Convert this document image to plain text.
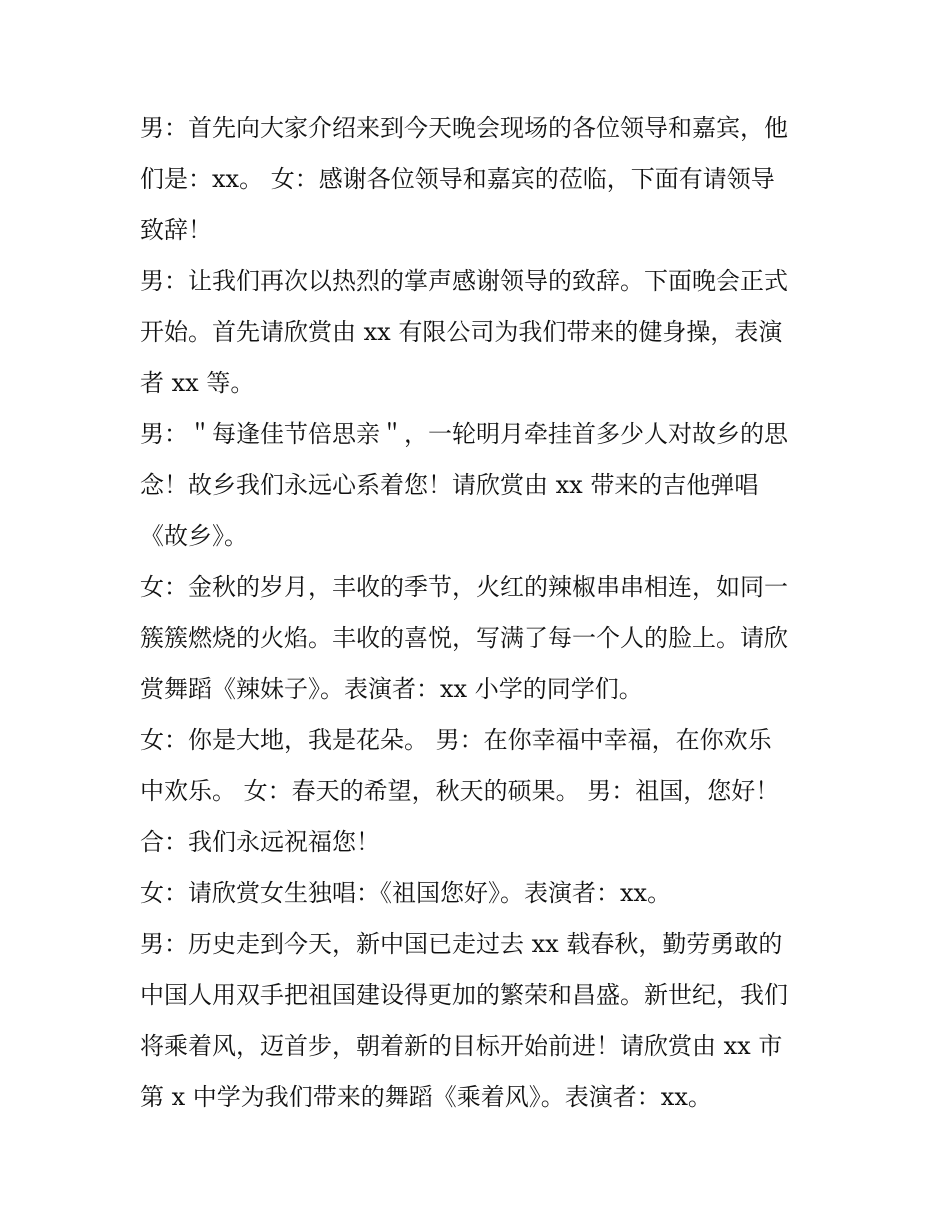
男：首先向大家介绍来到今天晚会现场的各位领导和嘉宾，他
们是：xx。 女：感谢各位领导和嘉宾的莅临，下面有请领导
致辞！
男：让我们再次以热烈的掌声感谢领导的致辞。下面晚会正式
开始。首先请欣赏由 xx 有限公司为我们带来的健身操，表演
者 xx 等。
男：＂每逢佳节倍思亲＂，一轮明月牵挂首多少人对故乡的思
念！故乡我们永远心系着您！请欣赏由 xx 带来的吉他弹唱
《故乡》。
女：金秋的岁月，丰收的季节，火红的辣椒串串相连，如同一
簇簇燃烧的火焰。丰收的喜悦，写满了每一个人的脸上。请欣
赏舞蹈《辣妹子》。表演者：xx 小学的同学们。
女：你是大地，我是花朵。 男：在你幸福中幸福，在你欢乐
中欢乐。 女：春天的希望，秋天的硕果。 男：祖国，您好！
合：我们永远祝福您！
女：请欣赏女生独唱：《祖国您好》。表演者：xx。
男：历史走到今天，新中国已走过去 xx 载春秋，勤劳勇敢的
中国人用双手把祖国建设得更加的繁荣和昌盛。新世纪，我们
将乘着风，迈首步，朝着新的目标开始前进！请欣赏由 xx 市
第 x 中学为我们带来的舞蹈《乘着风》。表演者：xx。
